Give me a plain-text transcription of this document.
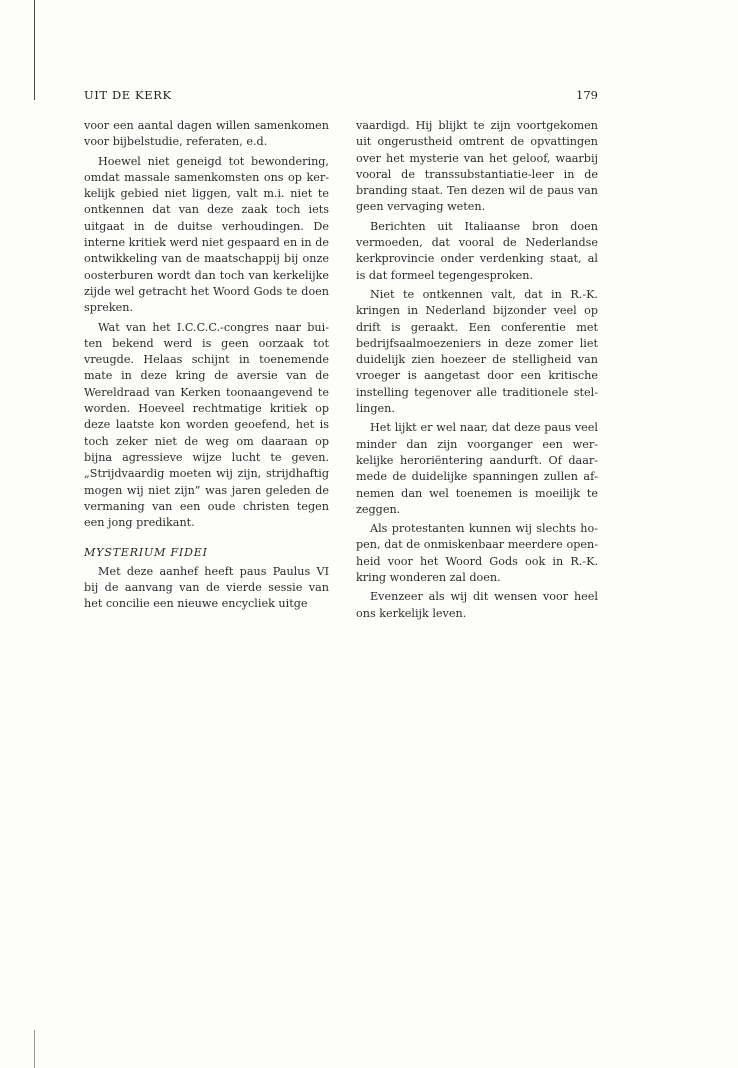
UIT DE KERK	179

voor een aantal dagen willen samenkomen voor bijbelstudie, referaten, e.d.

Hoewel niet geneigd tot bewondering, omdat massale samenkomsten ons op kerkelijk gebied niet liggen, valt m.i. niet te ontkennen dat van deze zaak toch iets uitgaat in de duitse verhoudingen. De interne kritiek werd niet gespaard en in de ontwikkeling van de maatschappij bij onze oosterburen wordt dan toch van kerkelijke zijde wel getracht het Woord Gods te doen spreken.

Wat van het I.C.C.C.-congres naar buiten bekend werd is geen oorzaak tot vreugde. Helaas schijnt in toenemende mate in deze kring de aversie van de Wereldraad van Kerken toonaangevend te worden. Hoeveel rechtmatige kritiek op deze laatste kon worden geoefend, het is toch zeker niet de weg om daaraan op bijna agressieve wijze lucht te geven. „Strijdvaardig moeten wij zijn, strijdhaftig mogen wij niet zijn” was jaren geleden de vermaning van een oude christen tegen een jong predikant.

MYSTERIUM FIDEI

Met deze aanhef heeft paus Paulus VI bij de aanvang van de vierde sessie van het concilie een nieuwe encycliek uitge

vaardigd. Hij blijkt te zijn voortgekomen uit ongerustheid omtrent de opvattingen over het mysterie van het geloof, waarbij vooral de transsubstantiatie-leer in de branding staat. Ten dezen wil de paus van geen vervaging weten.

Berichten uit Italiaanse bron doen vermoeden, dat vooral de Nederlandse kerkprovincie onder verdenking staat, al is dat formeel tegengesproken.

Niet te ontkennen valt, dat in R.-K. kringen in Nederland bijzonder veel op drift is geraakt. Een conferentie met bedrijfsaalmoezeniers in deze zomer liet duidelijk zien hoezeer de stelligheid van vroeger is aangetast door een kritische instelling tegenover alle traditionele stellingen.

Het lijkt er wel naar, dat deze paus veel minder dan zijn voorganger een werkelijke heroriëntering aandurft. Of daarmede de duidelijke spanningen zullen afnemen dan wel toenemen is moeilijk te zeggen.

Als protestanten kunnen wij slechts hopen, dat de onmiskenbaar meerdere openheid voor het Woord Gods ook in R.-K. kring wonderen zal doen.

Evenzeer als wij dit wensen voor heel ons kerkelijk leven.
